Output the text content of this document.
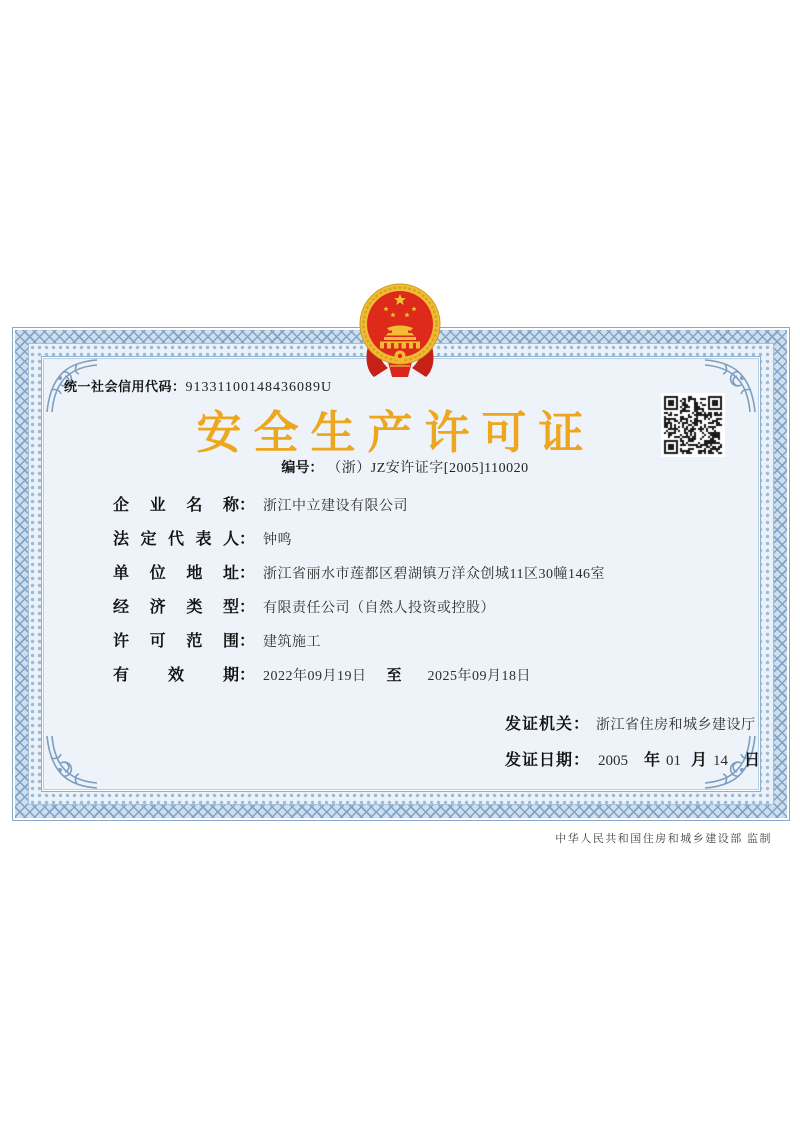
统一社会信用代码：91331100148436089U
安全生产许可证
编号： （浙）JZ安许证字[2005]110020
企业名称： 浙江中立建设有限公司
法定代表人： 钟鸣
单位地址： 浙江省丽水市莲都区碧湖镇万洋众创城11区30幢146室
经济类型： 有限责任公司（自然人投资或控股）
许可范围： 建筑施工
有效期： 2022年09月19日 至 2025年09月18日
发证机关： 浙江省住房和城乡建设厅
发证日期： 2005 年 01 月 14 日
中华人民共和国住房和城乡建设部 监制
